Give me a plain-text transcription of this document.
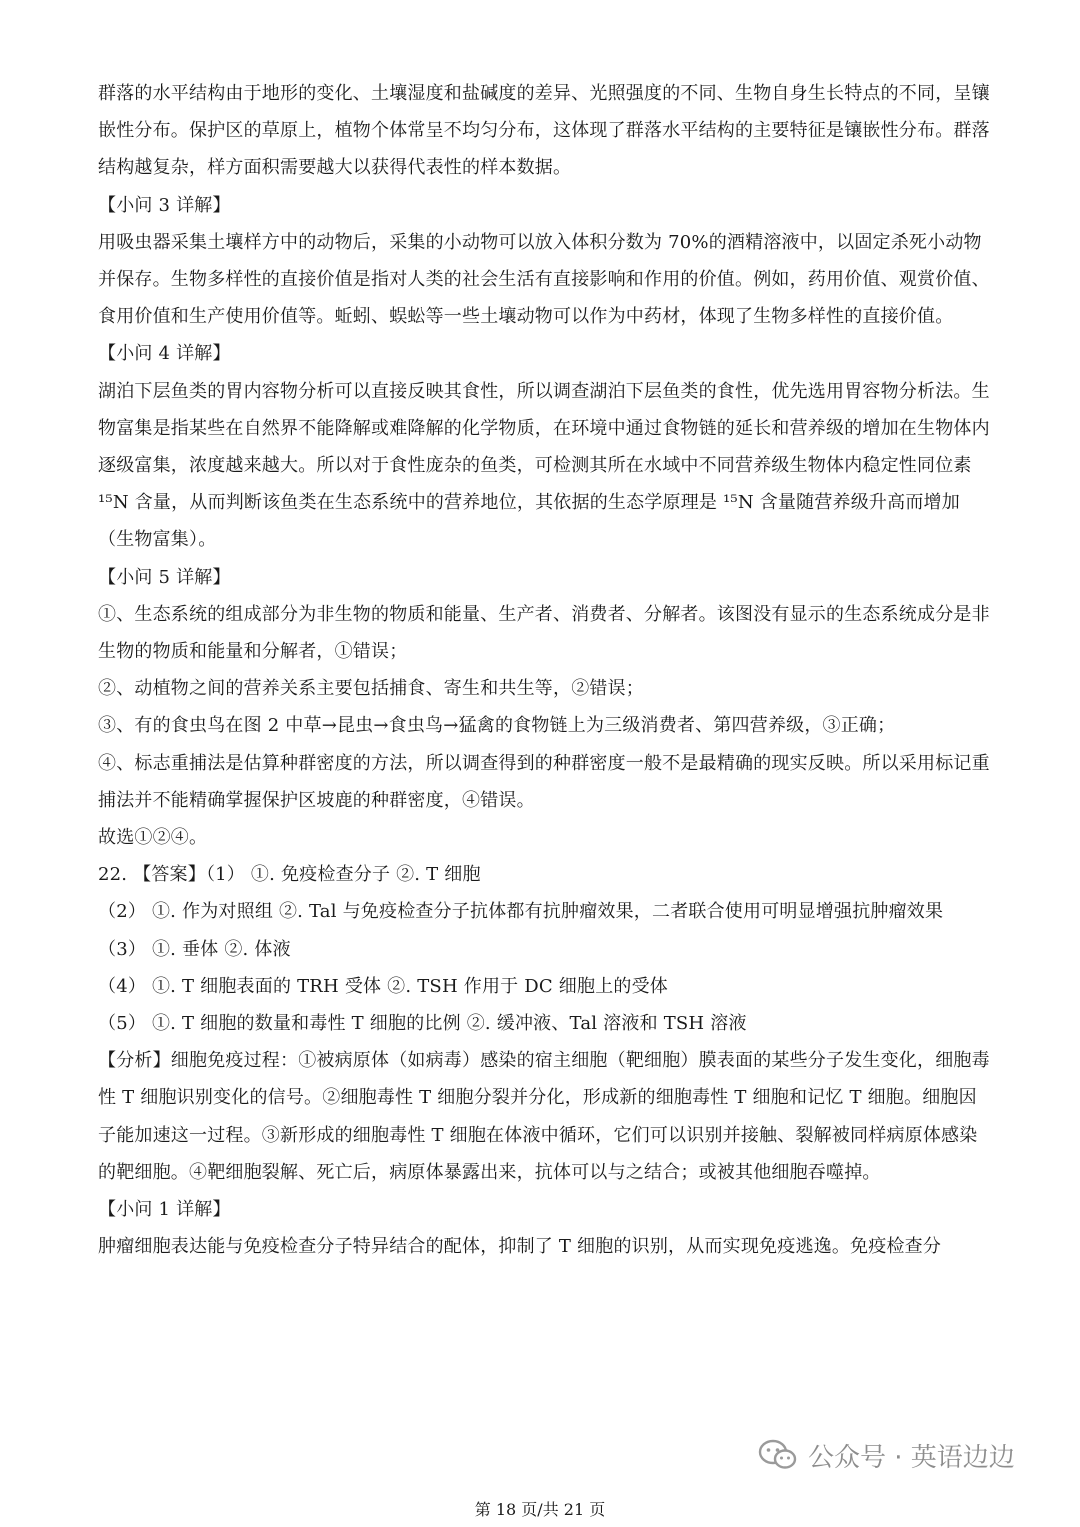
群落的水平结构由于地形的变化、土壤湿度和盐碱度的差异、光照强度的不同、生物自身生长特点的不同，呈镶嵌性分布。保护区的草原上，植物个体常呈不均匀分布，这体现了群落水平结构的主要特征是镶嵌性分布。群落结构越复杂，样方面积需要越大以获得代表性的样本数据。

【小问 3 详解】

用吸虫器采集土壤样方中的动物后，采集的小动物可以放入体积分数为 70%的酒精溶液中，以固定杀死小动物并保存。生物多样性的直接价值是指对人类的社会生活有直接影响和作用的价值。例如，药用价值、观赏价值、食用价值和生产使用价值等。蚯蚓、蜈蚣等一些土壤动物可以作为中药材，体现了生物多样性的直接价值。

【小问 4 详解】

湖泊下层鱼类的胃内容物分析可以直接反映其食性，所以调查湖泊下层鱼类的食性，优先选用胃容物分析法。生物富集是指某些在自然界不能降解或难降解的化学物质，在环境中通过食物链的延长和营养级的增加在生物体内逐级富集，浓度越来越大。所以对于食性庞杂的鱼类，可检测其所在水域中不同营养级生物体内稳定性同位素 ¹⁵N 含量，从而判断该鱼类在生态系统中的营养地位，其依据的生态学原理是 ¹⁵N 含量随营养级升高而增加（生物富集）。

【小问 5 详解】

①、生态系统的组成部分为非生物的物质和能量、生产者、消费者、分解者。该图没有显示的生态系统成分是非生物的物质和能量和分解者，①错误；

②、动植物之间的营养关系主要包括捕食、寄生和共生等，②错误；

③、有的食虫鸟在图 2 中草→昆虫→食虫鸟→猛禽的食物链上为三级消费者、第四营养级，③正确；

④、标志重捕法是估算种群密度的方法，所以调查得到的种群密度一般不是最精确的现实反映。所以采用标记重捕法并不能精确掌握保护区坡鹿的种群密度，④错误。

故选①②④。

22. 【答案】（1） ①. 免疫检查分子 ②. T 细胞

（2） ①. 作为对照组 ②. Tal 与免疫检查分子抗体都有抗肿瘤效果，二者联合使用可明显增强抗肿瘤效果

（3） ①. 垂体 ②. 体液

（4） ①. T 细胞表面的 TRH 受体 ②. TSH 作用于 DC 细胞上的受体

（5） ①. T 细胞的数量和毒性 T 细胞的比例 ②. 缓冲液、Tal 溶液和 TSH 溶液

【分析】细胞免疫过程：①被病原体（如病毒）感染的宿主细胞（靶细胞）膜表面的某些分子发生变化，细胞毒性 T 细胞识别变化的信号。②细胞毒性 T 细胞分裂并分化，形成新的细胞毒性 T 细胞和记忆 T 细胞。细胞因子能加速这一过程。③新形成的细胞毒性 T 细胞在体液中循环，它们可以识别并接触、裂解被同样病原体感染的靶细胞。④靶细胞裂解、死亡后，病原体暴露出来，抗体可以与之结合；或被其他细胞吞噬掉。

【小问 1 详解】

肿瘤细胞表达能与免疫检查分子特异结合的配体，抑制了 T 细胞的识别，从而实现免疫逃逸。免疫检查分

公众号 · 英语边边
第 18 页/共 21 页
